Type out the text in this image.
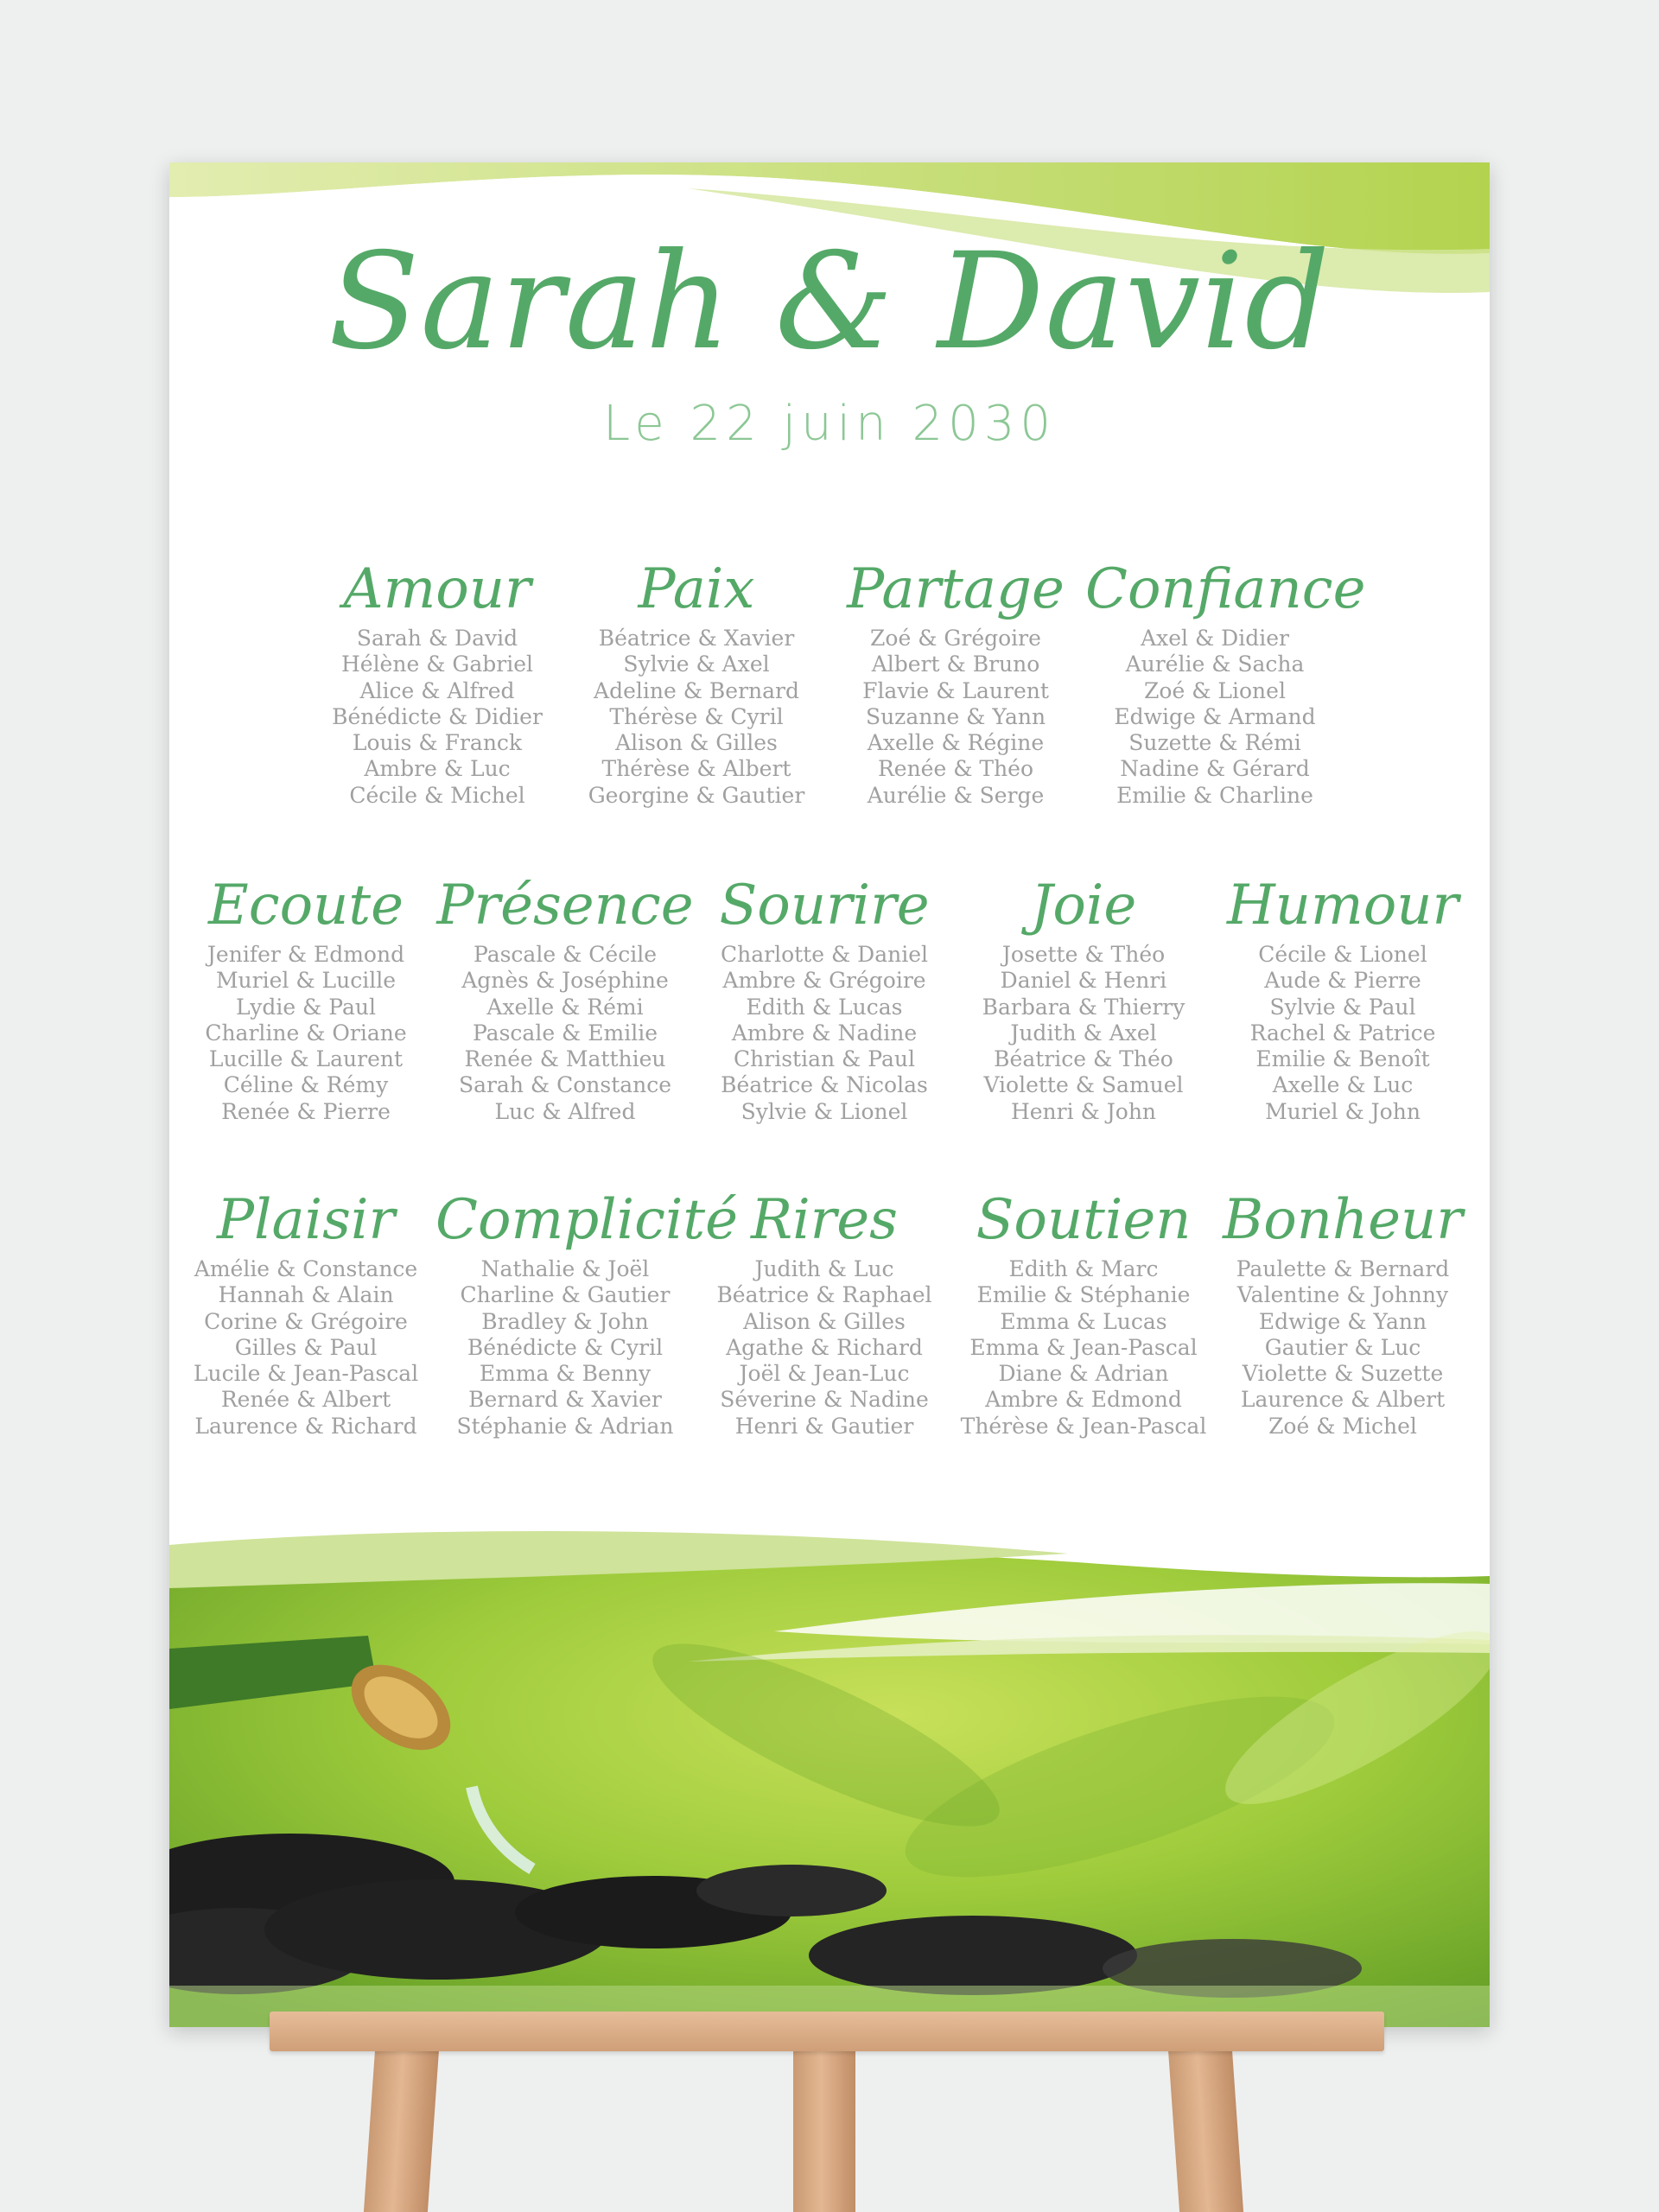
Sarah & David
Le 22 juin 2030
Amour
Sarah & David
Hélène & Gabriel
Alice & Alfred
Bénédicte & Didier
Louis & Franck
Ambre & Luc
Cécile & Michel
Paix
Béatrice & Xavier
Sylvie & Axel
Adeline & Bernard
Thérèse & Cyril
Alison & Gilles
Thérèse & Albert
Georgine & Gautier
Partage
Zoé & Grégoire
Albert & Bruno
Flavie & Laurent
Suzanne & Yann
Axelle & Régine
Renée & Théo
Aurélie & Serge
Confiance
Axel & Didier
Aurélie & Sacha
Zoé & Lionel
Edwige & Armand
Suzette & Rémi
Nadine & Gérard
Emilie & Charline
Ecoute
Jenifer & Edmond
Muriel & Lucille
Lydie & Paul
Charline & Oriane
Lucille & Laurent
Céline & Rémy
Renée & Pierre
Présence
Pascale & Cécile
Agnès & Joséphine
Axelle & Rémi
Pascale & Emilie
Renée & Matthieu
Sarah & Constance
Luc & Alfred
Sourire
Charlotte & Daniel
Ambre & Grégoire
Edith & Lucas
Ambre & Nadine
Christian & Paul
Béatrice & Nicolas
Sylvie & Lionel
Joie
Josette & Théo
Daniel & Henri
Barbara & Thierry
Judith & Axel
Béatrice & Théo
Violette & Samuel
Henri & John
Humour
Cécile & Lionel
Aude & Pierre
Sylvie & Paul
Rachel & Patrice
Emilie & Benoît
Axelle & Luc
Muriel & John
Plaisir
Amélie & Constance
Hannah & Alain
Corine & Grégoire
Gilles & Paul
Lucile & Jean-Pascal
Renée & Albert
Laurence & Richard
Complicité
Nathalie & Joël
Charline & Gautier
Bradley & John
Bénédicte & Cyril
Emma & Benny
Bernard & Xavier
Stéphanie & Adrian
Rires
Judith & Luc
Béatrice & Raphael
Alison & Gilles
Agathe & Richard
Joël & Jean-Luc
Séverine & Nadine
Henri & Gautier
Soutien
Edith & Marc
Emilie & Stéphanie
Emma & Lucas
Emma & Jean-Pascal
Diane & Adrian
Ambre & Edmond
Thérèse & Jean-Pascal
Bonheur
Paulette & Bernard
Valentine & Johnny
Edwige & Yann
Gautier & Luc
Violette & Suzette
Laurence & Albert
Zoé & Michel
